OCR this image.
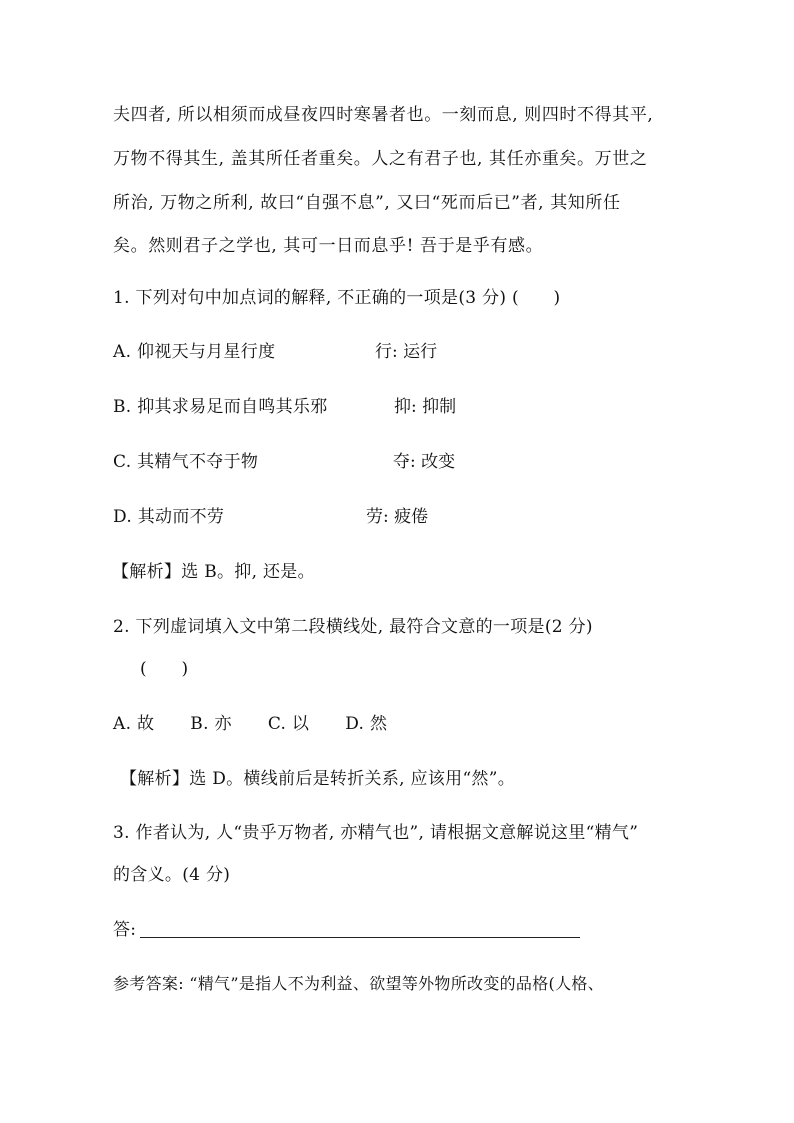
夫四者, 所以相须而成昼夜四时寒暑者也。一刻而息, 则四时不得其平,
万物不得其生, 盖其所任者重矣。人之有君子也, 其任亦重矣。万世之
所治, 万物之所利, 故曰“自强不息”, 又曰“死而后已”者, 其知所任
矣。然则君子之学也, 其可一日而息乎! 吾于是乎有感。
1. 下列对句中加点词的解释, 不正确的一项是(3 分) (　　)
A. 仰视天与月星行度	行: 运行
B. 抑其求易足而自鸣其乐邪	抑: 抑制
C. 其精气不夺于物	夺: 改变
D. 其动而不劳	劳: 疲倦
【解析】选 B。抑, 还是。
2. 下列虚词填入文中第二段横线处, 最符合文意的一项是(2 分)
(　　)
A. 故 B. 亦 C. 以 D. 然
【解析】选 D。横线前后是转折关系, 应该用“然”。
3. 作者认为, 人“贵乎万物者, 亦精气也”, 请根据文意解说这里“精气”
的含义。(4 分)
答:
参考答案: “精气”是指人不为利益、欲望等外物所改变的品格(人格、
